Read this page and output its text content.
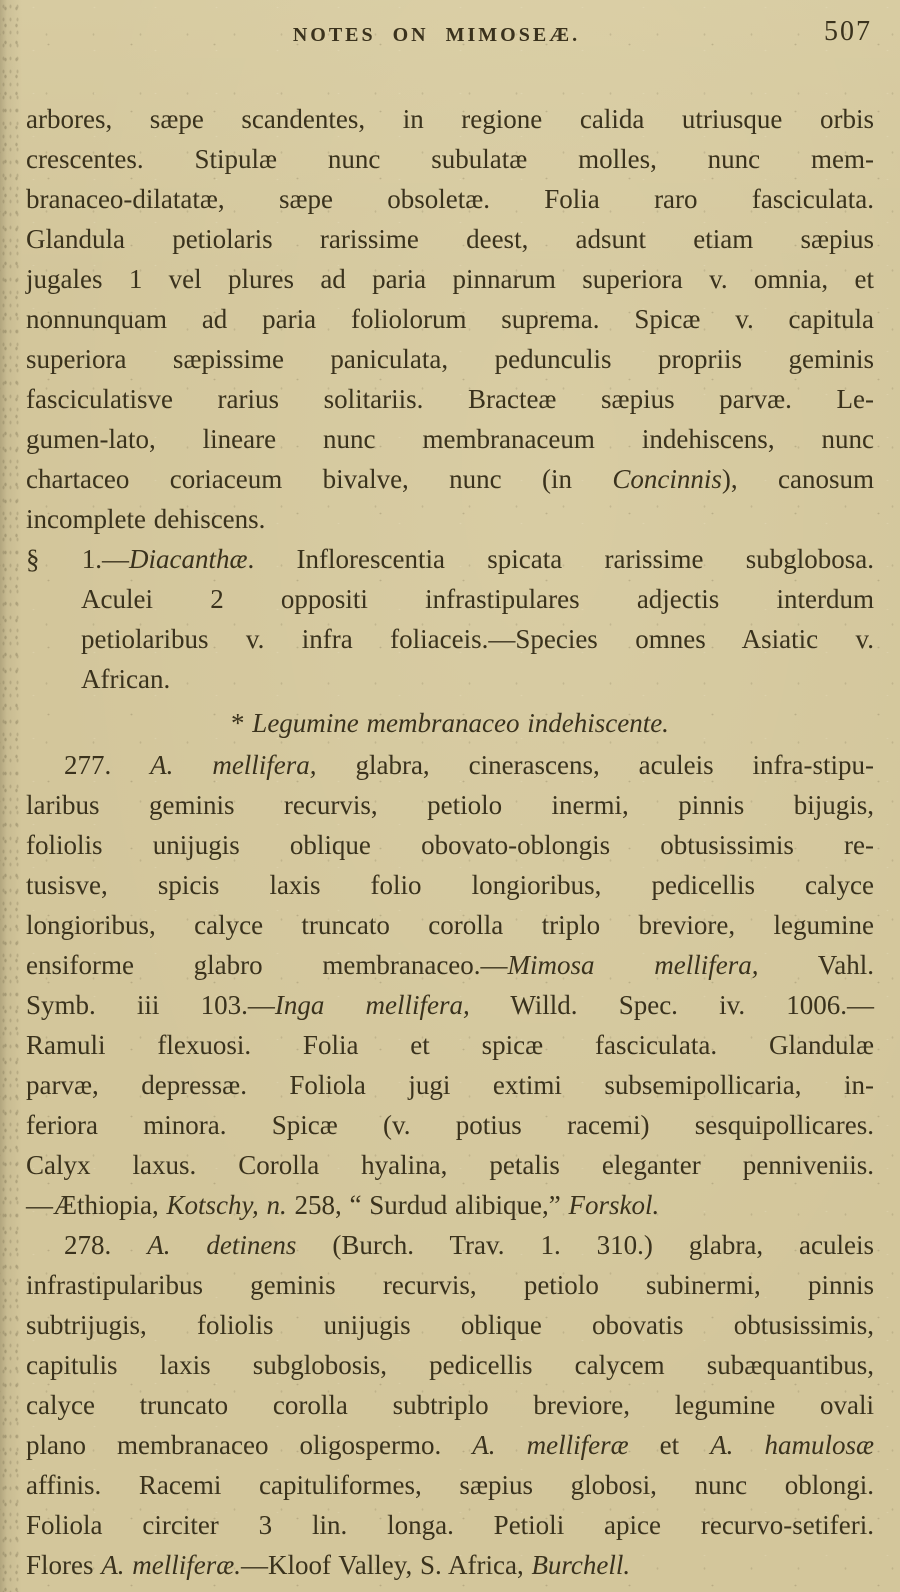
NOTES ON MIMOSEÆ.	507
arbores, sæpe scandentes, in regione calida utriusque orbis
crescentes. Stipulæ nunc subulatæ molles, nunc mem-
branaceo-dilatatæ, sæpe obsoletæ. Folia raro fasciculata.
Glandula petiolaris rarissime deest, adsunt etiam sæpius
jugales 1 vel plures ad paria pinnarum superiora v. omnia, et
nonnunquam ad paria foliolorum suprema. Spicæ v. capitula
superiora sæpissime paniculata, pedunculis propriis geminis
fasciculatisve rarius solitariis. Bracteæ sæpius parvæ. Le-
gumen-lato, lineare nunc membranaceum indehiscens, nunc
chartaceo coriaceum bivalve, nunc (in Concinnis), canosum
incomplete dehiscens.
§ 1.—Diacanthæ. Inflorescentia spicata rarissime subglobosa.
Aculei 2 oppositi infrastipulares adjectis interdum
petiolaribus v. infra foliaceis.—Species omnes Asiatic v.
African.
* Legumine membranaceo indehiscente.
277. A. mellifera, glabra, cinerascens, aculeis infra-stipu-
laribus geminis recurvis, petiolo inermi, pinnis bijugis,
foliolis unijugis oblique obovato-oblongis obtusissimis re-
tusisve, spicis laxis folio longioribus, pedicellis calyce
longioribus, calyce truncato corolla triplo breviore, legumine
ensiforme glabro membranaceo.—Mimosa mellifera, Vahl.
Symb. iii 103.—Inga mellifera, Willd. Spec. iv. 1006.—
Ramuli flexuosi. Folia et spicæ fasciculata. Glandulæ
parvæ, depressæ. Foliola jugi extimi subsemipollicaria, in-
feriora minora. Spicæ (v. potius racemi) sesquipollicares.
Calyx laxus. Corolla hyalina, petalis eleganter penniveniis.
—Æthiopia, Kotschy, n. 258, “ Surdud alibique,” Forskol.
278. A. detinens (Burch. Trav. 1. 310.) glabra, aculeis
infrastipularibus geminis recurvis, petiolo subinermi, pinnis
subtrijugis, foliolis unijugis oblique obovatis obtusissimis,
capitulis laxis subglobosis, pedicellis calycem subæquantibus,
calyce truncato corolla subtriplo breviore, legumine ovali
plano membranaceo oligospermo. A. melliferæ et A. hamulosæ
affinis. Racemi capituliformes, sæpius globosi, nunc oblongi.
Foliola circiter 3 lin. longa. Petioli apice recurvo-setiferi.
Flores A. melliferæ.—Kloof Valley, S. Africa, Burchell.
